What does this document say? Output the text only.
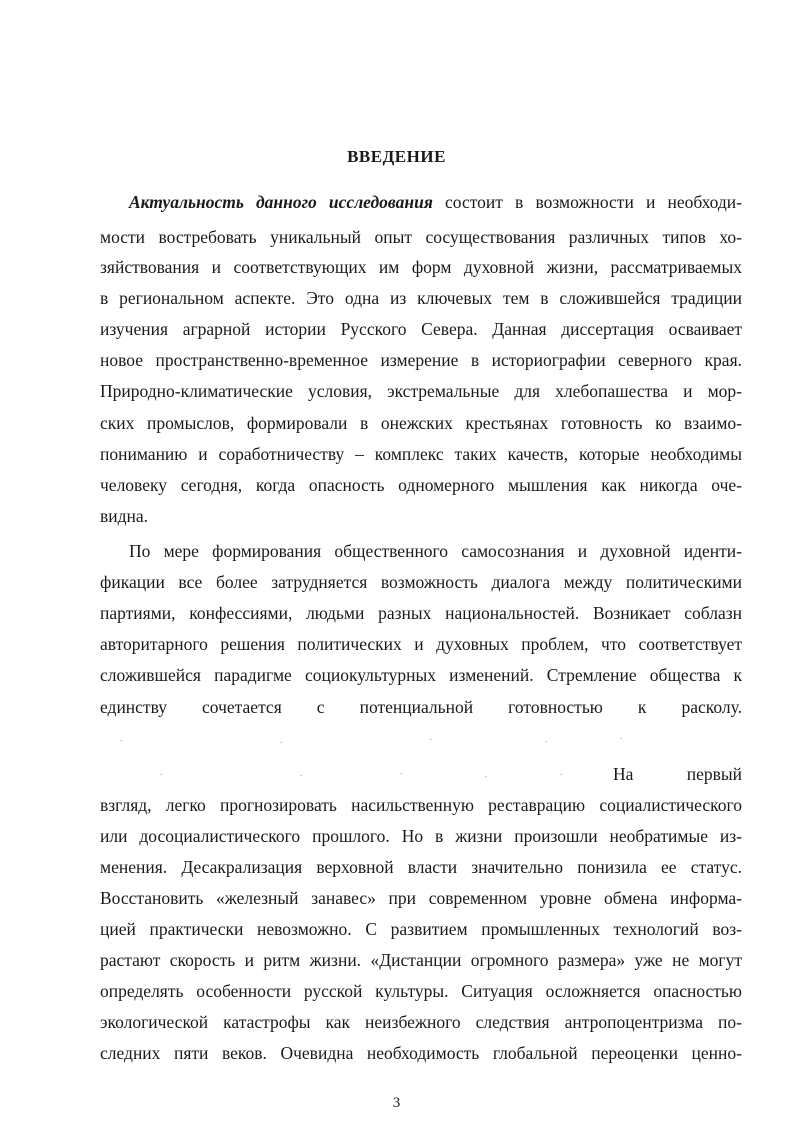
ВВЕДЕНИЕ
Актуальность данного исследования состоит в возможности и необходи-
мости востребовать уникальный опыт сосуществования различных типов хо-
зяйствования и соответствующих им форм духовной жизни, рассматриваемых
в региональном аспекте. Это одна из ключевых тем в сложившейся традиции
изучения аграрной истории Русского Севера. Данная диссертация осваивает
новое пространственно-временное измерение в историографии северного края.
Природно-климатические условия, экстремальные для хлебопашества и мор-
ских промыслов, формировали в онежских крестьянах готовность ко взаимо-
пониманию и соработничеству – комплекс таких качеств, которые необходимы
человеку сегодня, когда опасность одномерного мышления как никогда оче-
видна.
По мере формирования общественного самосознания и духовной иденти-
фикации все более затрудняется возможность диалога между политическими
партиями, конфессиями, людьми разных национальностей. Возникает соблазн
авторитарного решения политических и духовных проблем, что соответствует
сложившейся парадигме социокультурных изменений. Стремление общества к
единству сочетается с потенциальной готовностью к расколу.
На первый
взгляд, легко прогнозировать насильственную реставрацию социалистического
или досоциалистического прошлого. Но в жизни произошли необратимые из-
менения. Десакрализация верховной власти значительно понизила ее статус.
Восстановить «железный занавес» при современном уровне обмена информа-
цией практически невозможно. С развитием промышленных технологий воз-
растают скорость и ритм жизни. «Дистанции огромного размера» уже не могут
определять особенности русской культуры. Ситуация осложняется опасностью
экологической катастрофы как неизбежного следствия антропоцентризма по-
следних пяти веков. Очевидна необходимость глобальной переоценки ценно-
3
